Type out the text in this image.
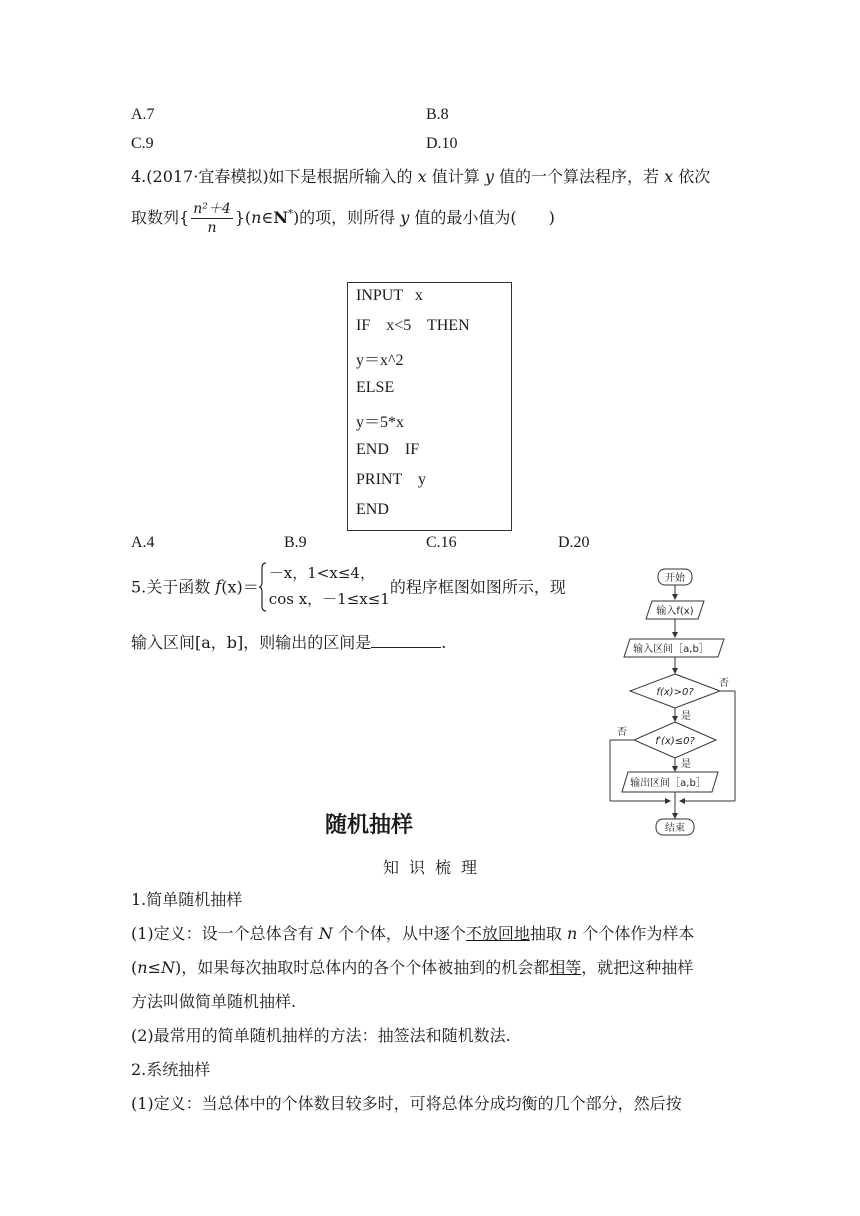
A.7	B.8
C.9	D.10
4.(2017·宜春模拟)如下是根据所输入的 x 值计算 y 值的一个算法程序，若 x 依次
取数列{ $\frac{\text{n²＋4}}{n}$ }(n∈N*)的项，则所得 y 值的最小值为(　　)
INPUT   x
IF    x<5    THEN
y＝x^2
ELSE
y＝5*x
END    IF
PRINT    y
END
A.4	B.9	C.16	D.20
5.关于函数 f(x)＝
－x，1<x≤4，
cos x，－1≤x≤1
的程序框图如图所示，现
输入区间[a，b]，则输出的区间是	.
开始
输入f(x)
输入区间［a,b］
f(x)>0?
f′(x)≤0?
输出区间［a,b］
结束
是
是
否
否
随机抽样
知识梳理
1.简单随机抽样
(1)定义：设一个总体含有 N 个个体，从中逐个不放回地抽取 n 个个体作为样本
(n≤N)，如果每次抽取时总体内的各个个体被抽到的机会都相等，就把这种抽样
方法叫做简单随机抽样.
(2)最常用的简单随机抽样的方法：抽签法和随机数法.
2.系统抽样
(1)定义：当总体中的个体数目较多时，可将总体分成均衡的几个部分，然后按
